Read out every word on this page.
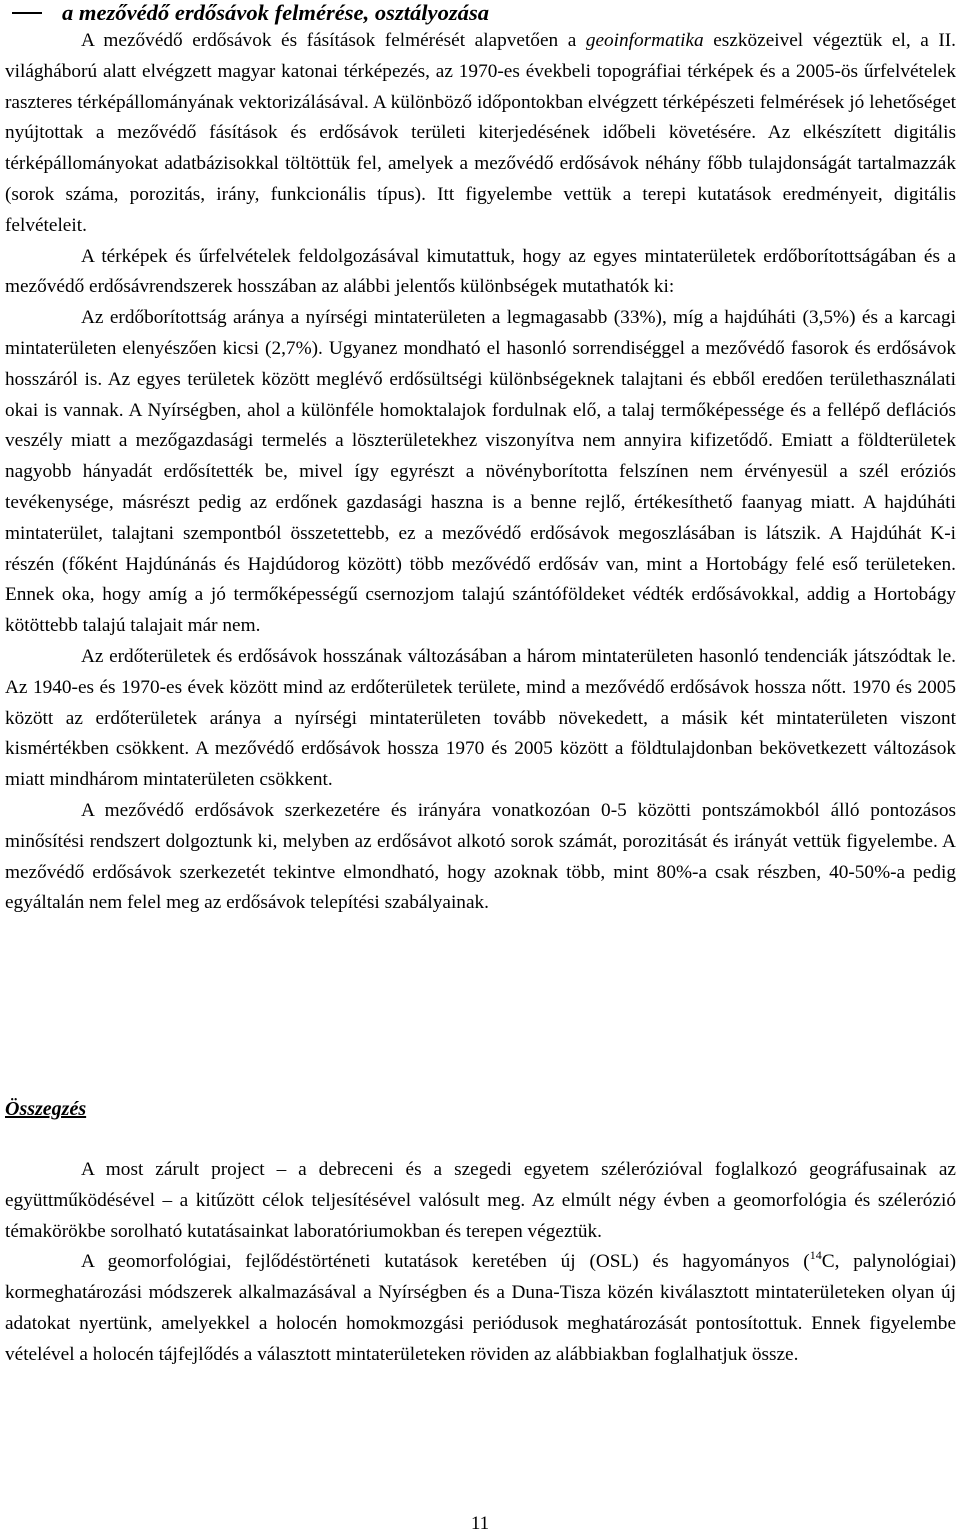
a mezővédő erdősávok felmérése, osztályozása

A mezővédő erdősávok és fásítások felmérését alapvetően a geoinformatika eszközeivel végeztük el, a II. világháború alatt elvégzett magyar katonai térképezés, az 1970-es évekbeli topográfiai térképek és a 2005-ös űrfelvételek raszteres térképállományának vektorizálásával. A különböző időpontokban elvégzett térképészeti felmérések jó lehetőséget nyújtottak a mezővédő fásítások és erdősávok területi kiterjedésének időbeli követésére. Az elkészített digitális térképállományokat adatbázisokkal töltöttük fel, amelyek a mezővédő erdősávok néhány főbb tulajdonságát tartalmazzák (sorok száma, porozitás, irány, funkcionális típus). Itt figyelembe vettük a terepi kutatások eredményeit, digitális felvételeit.

A térképek és űrfelvételek feldolgozásával kimutattuk, hogy az egyes mintaterületek erdőborítottságában és a mezővédő erdősávrendszerek hosszában az alábbi jelentős különbségek mutathatók ki:

Az erdőborítottság aránya a nyírségi mintaterületen a legmagasabb (33%), míg a hajdúháti (3,5%) és a karcagi mintaterületen elenyészően kicsi (2,7%). Ugyanez mondható el hasonló sorrendiséggel a mezővédő fasorok és erdősávok hosszáról is. Az egyes területek között meglévő erdősültségi különbségeknek talajtani és ebből eredően területhasználati okai is vannak. A Nyírségben, ahol a különféle homoktalajok fordulnak elő, a talaj termőképessége és a fellépő deflációs veszély miatt a mezőgazdasági termelés a löszterületekhez viszonyítva nem annyira kifizetődő. Emiatt a földterületek nagyobb hányadát erdősítették be, mivel így egyrészt a növényborította felszínen nem érvényesül a szél eróziós tevékenysége, másrészt pedig az erdőnek gazdasági haszna is a benne rejlő, értékesíthető faanyag miatt. A hajdúháti mintaterület, talajtani szempontból összetettebb, ez a mezővédő erdősávok megoszlásában is látszik. A Hajdúhát K-i részén (főként Hajdúnánás és Hajdúdorog között) több mezővédő erdősáv van, mint a Hortobágy felé eső területeken. Ennek oka, hogy amíg a jó termőképességű csernozjom talajú szántóföldeket védték erdősávokkal, addig a Hortobágy kötöttebb talajú talajait már nem.

Az erdőterületek és erdősávok hosszának változásában a három mintaterületen hasonló tendenciák játszódtak le. Az 1940-es és 1970-es évek között mind az erdőterületek területe, mind a mezővédő erdősávok hossza nőtt. 1970 és 2005 között az erdőterületek aránya a nyírségi mintaterületen tovább növekedett, a másik két mintaterületen viszont kismértékben csökkent. A mezővédő erdősávok hossza 1970 és 2005 között a földtulajdonban bekövetkezett változások miatt mindhárom mintaterületen csökkent.

A mezővédő erdősávok szerkezetére és irányára vonatkozóan 0-5 közötti pontszámokból álló pontozásos minősítési rendszert dolgoztunk ki, melyben az erdősávot alkotó sorok számát, porozitását és irányát vettük figyelembe. A mezővédő erdősávok szerkezetét tekintve elmondható, hogy azoknak több, mint 80%-a csak részben, 40-50%-a pedig egyáltalán nem felel meg az erdősávok telepítési szabályainak.

Összegzés

A most zárult project – a debreceni és a szegedi egyetem szélerózióval foglalkozó geográfusainak az együttműködésével – a kitűzött célok teljesítésével valósult meg. Az elmúlt négy évben a geomorfológia és szélerózió témakörökbe sorolható kutatásainkat laboratóriumokban és terepen végeztük.

A geomorfológiai, fejlődéstörténeti kutatások keretében új (OSL) és hagyományos ($^{14}$C, palynológiai) kormeghatározási módszerek alkalmazásával a Nyírségben és a Duna-Tisza közén kiválasztott mintaterületeken olyan új adatokat nyertünk, amelyekkel a holocén homokmozgási periódusok meghatározását pontosítottuk. Ennek figyelembe vételével a holocén tájfejlődés a választott mintaterületeken röviden az alábbiakban foglalhatjuk össze.

11
